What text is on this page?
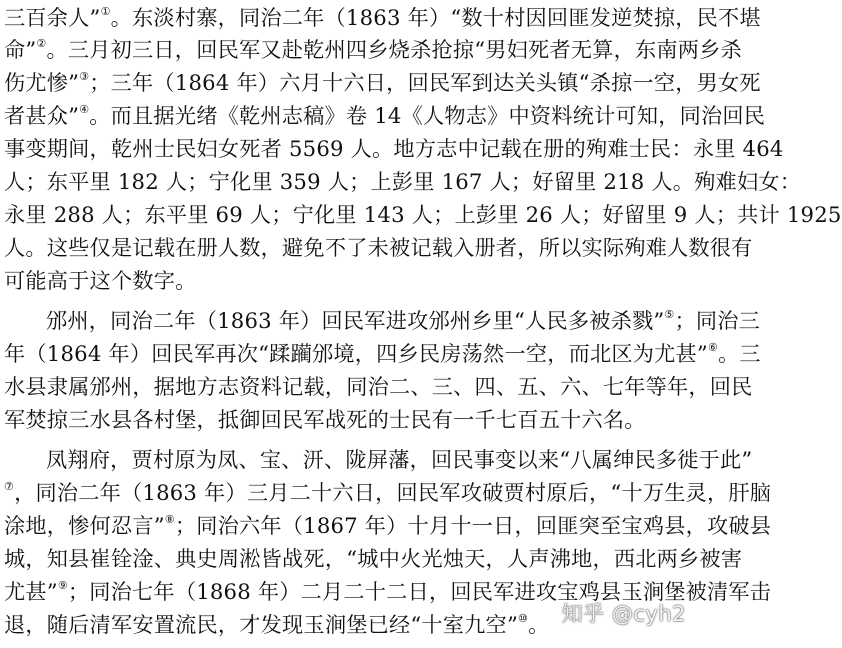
三百余人”①。东淡村寨，同治二年（1863 年）“数十村因回匪发逆焚掠，民不堪
命”②。三月初三日，回民军又赴乾州四乡烧杀抢掠“男妇死者无算，东南两乡杀
伤尤惨”③；三年（1864 年）六月十六日，回民军到达关头镇“杀掠一空，男女死
者甚众”④。而且据光绪《乾州志稿》卷 14《人物志》中资料统计可知，同治回民
事变期间，乾州士民妇女死者 5569 人。地方志中记载在册的殉难士民：永里 464
人；东平里 182 人；宁化里 359 人；上彭里 167 人；好留里 218 人。殉难妇女：
永里 288 人；东平里 69 人；宁化里 143 人；上彭里 26 人；好留里 9 人；共计 1925
人。这些仅是记载在册人数，避免不了未被记载入册者，所以实际殉难人数很有
可能高于这个数字。
邠州，同治二年（1863 年）回民军进攻邠州乡里“人民多被杀戮”⑤；同治三
年（1864 年）回民军再次“蹂躏邠境，四乡民房荡然一空，而北区为尤甚”⑥。三
水县隶属邠州，据地方志资料记载，同治二、三、四、五、六、七年等年，回民
军焚掠三水县各村堡，抵御回民军战死的士民有一千七百五十六名。
凤翔府，贾村原为凤、宝、汧、陇屏藩，回民事变以来“八属绅民多徙于此”
⑦，同治二年（1863 年）三月二十六日，回民军攻破贾村原后，“十万生灵，肝脑
涂地，惨何忍言”⑧；同治六年（1867 年）十月十一日，回匪突至宝鸡县，攻破县
城，知县崔铨淦、典史周淞皆战死，“城中火光烛天，人声沸地，西北两乡被害
尤甚”⑨；同治七年（1868 年）二月二十二日，回民军进攻宝鸡县玉涧堡被清军击
退，随后清军安置流民，才发现玉涧堡已经“十室九空”⑩。 知乎 @cyh2
